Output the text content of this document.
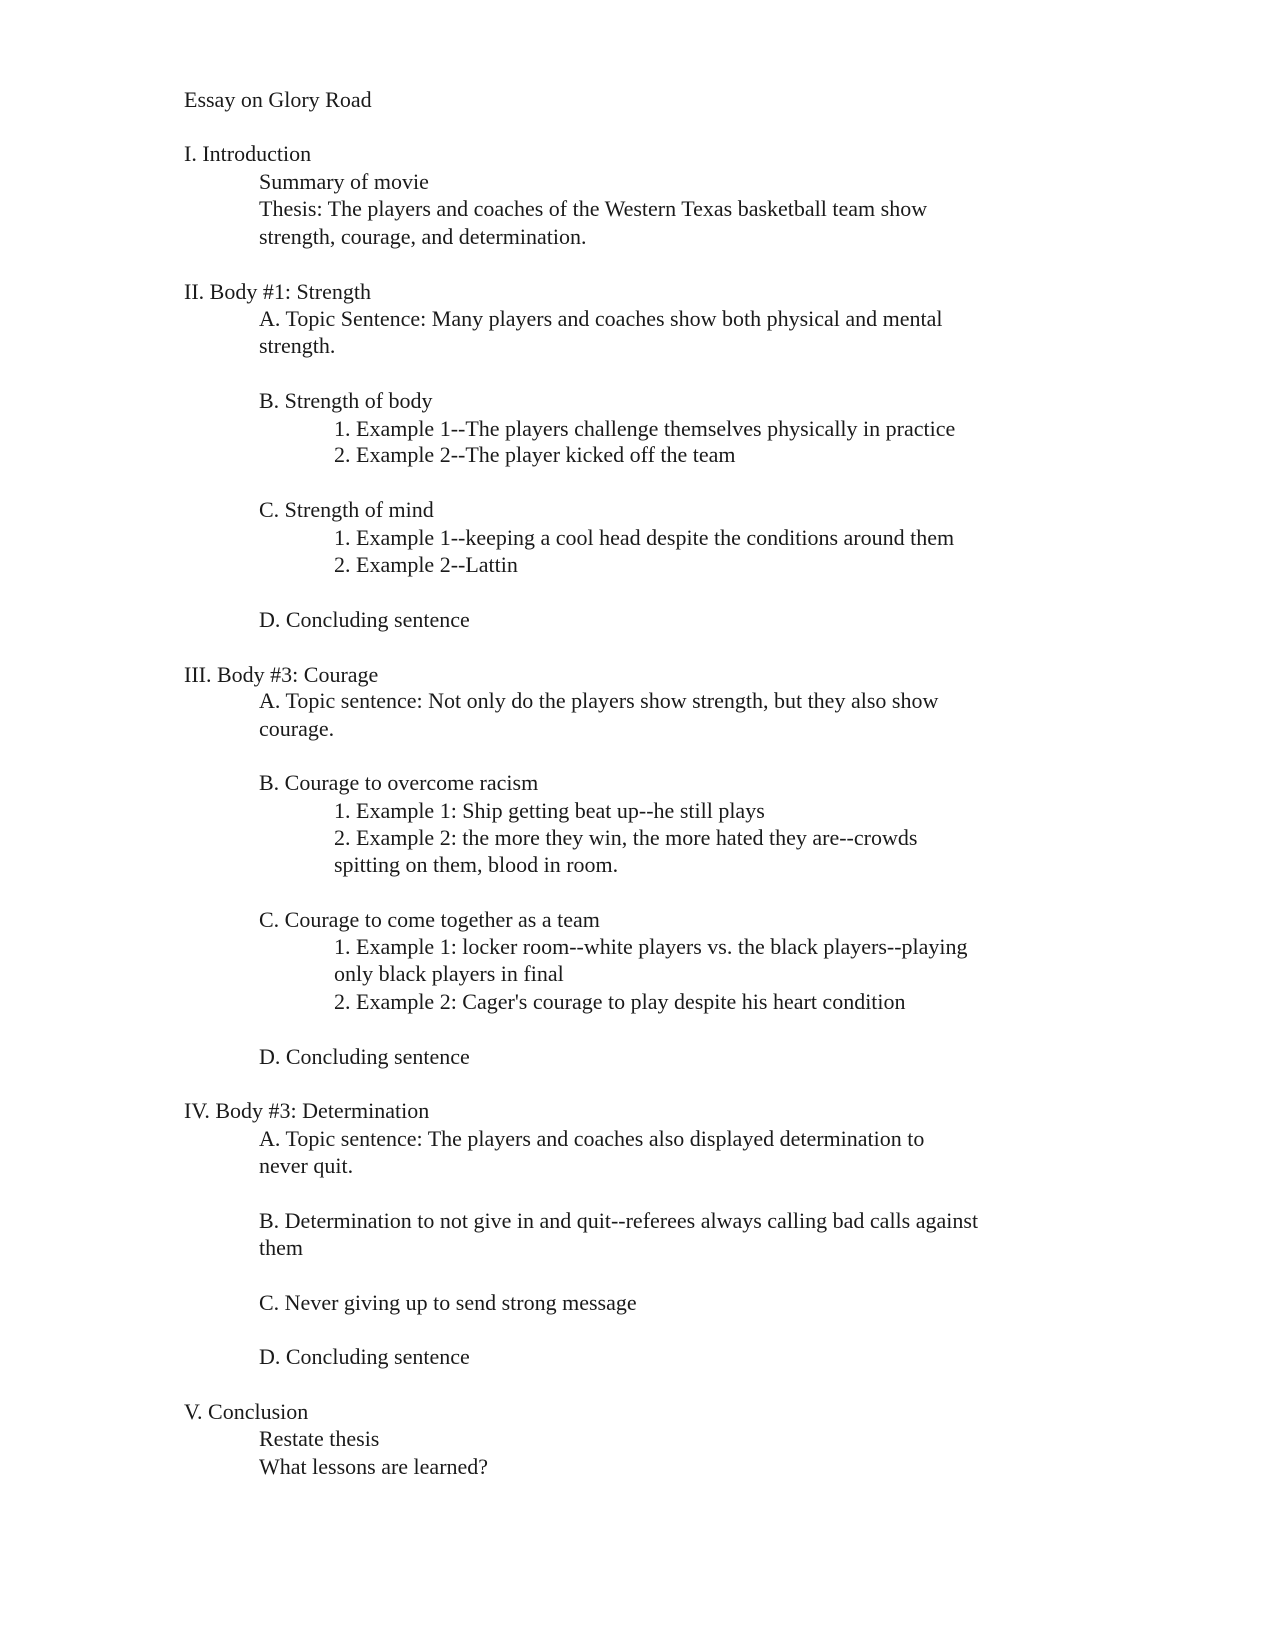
Essay on Glory Road
I. Introduction
Summary of movie
Thesis: The players and coaches of the Western Texas basketball team show
strength, courage, and determination.
II. Body #1: Strength
A. Topic Sentence: Many players and coaches show both physical and mental
strength.
B. Strength of body
1. Example 1--The players challenge themselves physically in practice
2. Example 2--The player kicked off the team
C. Strength of mind
1. Example 1--keeping a cool head despite the conditions around them
2. Example 2--Lattin
D. Concluding sentence
III. Body #3: Courage
A. Topic sentence: Not only do the players show strength, but they also show
courage.
B. Courage to overcome racism
1. Example 1: Ship getting beat up--he still plays
2. Example 2: the more they win, the more hated they are--crowds
spitting on them, blood in room.
C. Courage to come together as a team
1. Example 1: locker room--white players vs. the black players--playing
only black players in final
2. Example 2: Cager's courage to play despite his heart condition
D. Concluding sentence
IV. Body #3: Determination
A. Topic sentence: The players and coaches also displayed determination to
never quit.
B. Determination to not give in and quit--referees always calling bad calls against
them
C. Never giving up to send strong message
D. Concluding sentence
V. Conclusion
Restate thesis
What lessons are learned?
